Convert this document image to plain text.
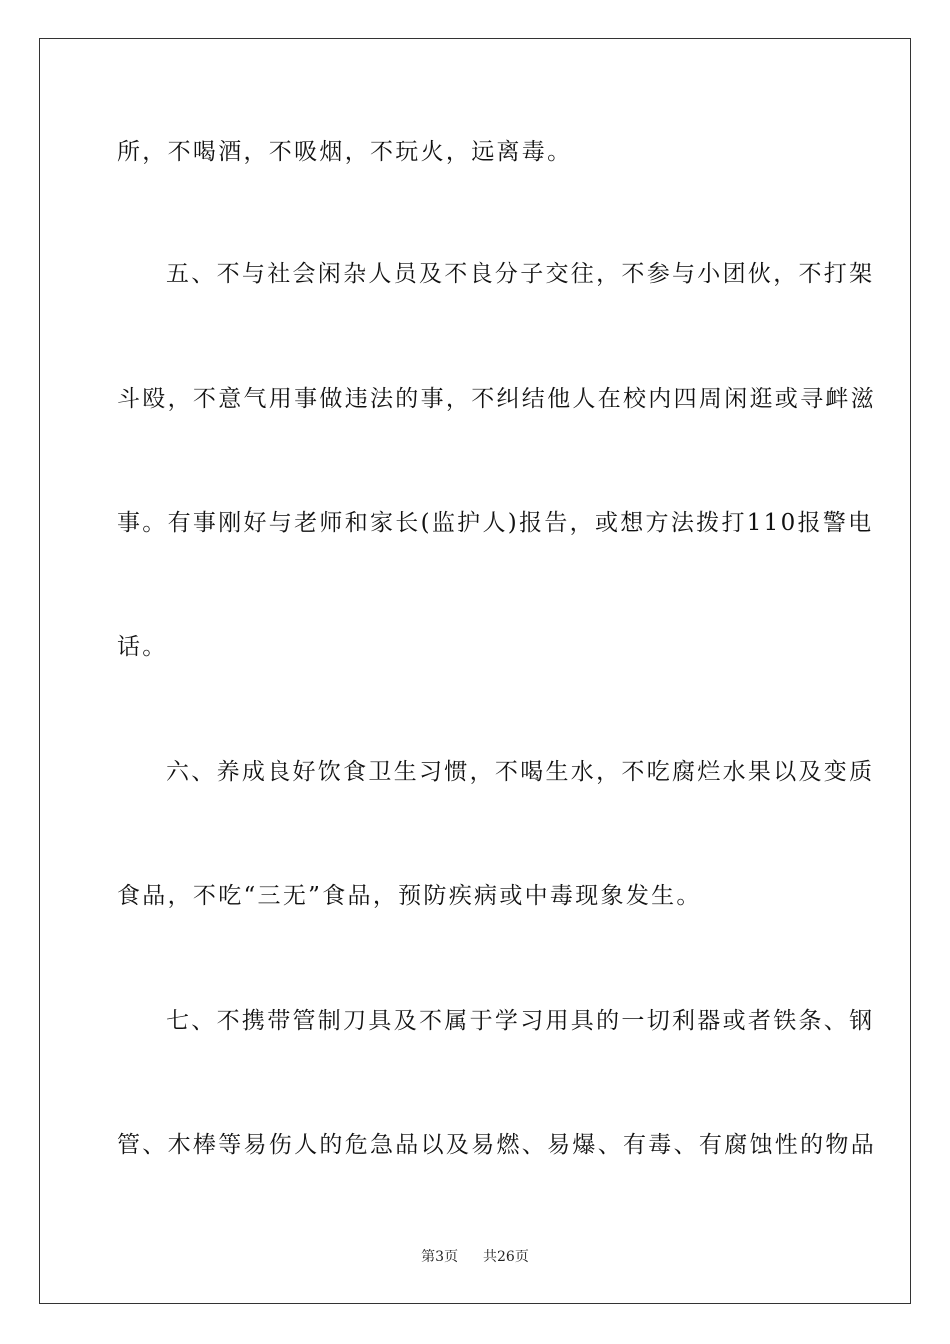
所，不喝酒，不吸烟，不玩火，远离毒。
五、不与社会闲杂人员及不良分子交往，不参与小团伙，不打架
斗殴，不意气用事做违法的事，不纠结他人在校内四周闲逛或寻衅滋
事。有事刚好与老师和家长(监护人)报告，或想方法拨打110报警电
话。
六、养成良好饮食卫生习惯，不喝生水，不吃腐烂水果以及变质
食品，不吃“三无”食品，预防疾病或中毒现象发生。
七、不携带管制刀具及不属于学习用具的一切利器或者铁条、钢
管、木棒等易伤人的危急品以及易燃、易爆、有毒、有腐蚀性的物品
第3页 共26页
